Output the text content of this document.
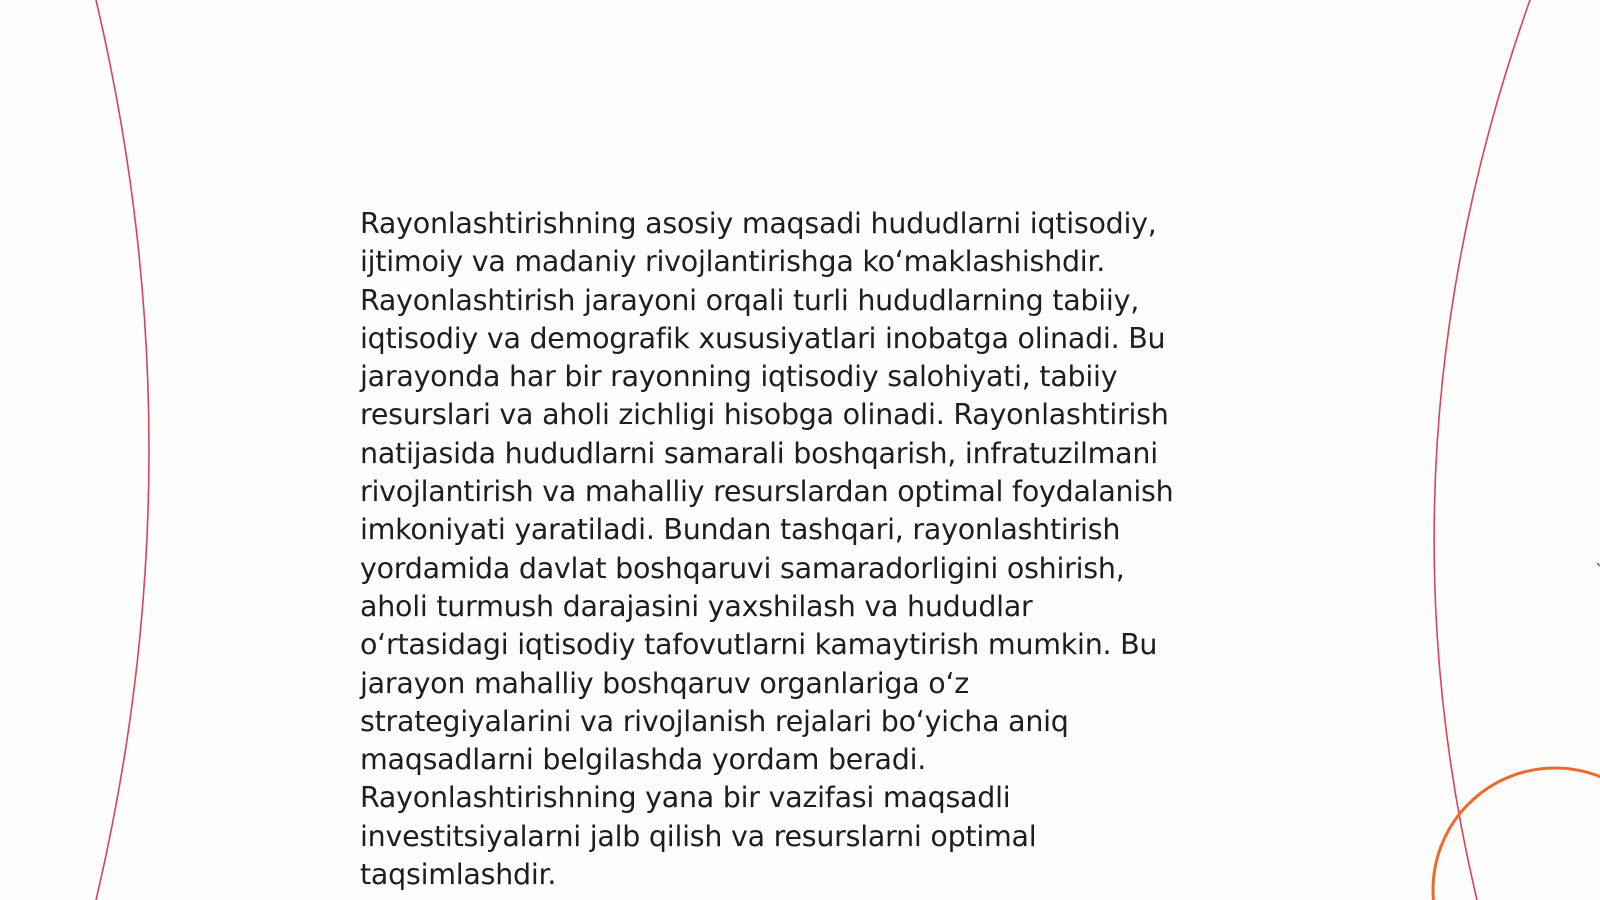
Rayonlashtirishning asosiy maqsadi hududlarni iqtisodiy,
ijtimoiy va madaniy rivojlantirishga ko‘maklashishdir.
Rayonlashtirish jarayoni orqali turli hududlarning tabiiy,
iqtisodiy va demografik xususiyatlari inobatga olinadi. Bu
jarayonda har bir rayonning iqtisodiy salohiyati, tabiiy
resurslari va aholi zichligi hisobga olinadi. Rayonlashtirish
natijasida hududlarni samarali boshqarish, infratuzilmani
rivojlantirish va mahalliy resurslardan optimal foydalanish
imkoniyati yaratiladi. Bundan tashqari, rayonlashtirish
yordamida davlat boshqaruvi samaradorligini oshirish,
aholi turmush darajasini yaxshilash va hududlar
o‘rtasidagi iqtisodiy tafovutlarni kamaytirish mumkin. Bu
jarayon mahalliy boshqaruv organlariga o‘z
strategiyalarini va rivojlanish rejalari bo‘yicha aniq
maqsadlarni belgilashda yordam beradi.
Rayonlashtirishning yana bir vazifasi maqsadli
investitsiyalarni jalb qilish va resurslarni optimal
taqsimlashdir.
